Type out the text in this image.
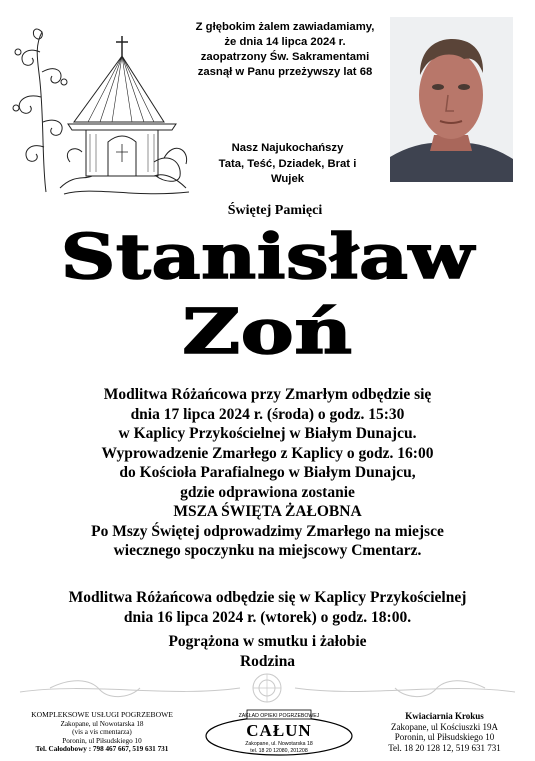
Z głębokim żalem zawiadamiamy,
że dnia 14 lipca 2024 r.
zaopatrzony Św. Sakramentami
zasnął w Panu przeżywszy lat 68
Nasz Najukochańszy
Tata, Teść, Dziadek, Brat i Wujek
Świętej Pamięci
Stanisław
Zoń
Modlitwa Różańcowa przy Zmarłym odbędzie się
dnia 17 lipca 2024 r. (środa) o godz. 15:30
w Kaplicy Przykościelnej w Białym Dunajcu.
Wyprowadzenie Zmarłego z Kaplicy o godz. 16:00
do Kościoła Parafialnego w Białym Dunajcu,
gdzie odprawiona zostanie
MSZA ŚWIĘTA ŻAŁOBNA
Po Mszy Świętej odprowadzimy Zmarłego na miejsce
wiecznego spoczynku na miejscowy Cmentarz.
Modlitwa Różańcowa odbędzie się w Kaplicy Przykościelnej
dnia 16 lipca 2024 r. (wtorek) o godz. 18:00.
Pogrążona w smutku i żałobie
Rodzina
KOMPLEKSOWE USŁUGI POGRZEBOWE
Zakopane, ul Nowotarska 18
(vis a vis cmentarza)
Poronin, ul Piłsudskiego 10
Tel. Całodobowy : 798 467 667, 519 631 731
ZAKŁAD OPIEKI POGRZEBOWEJ
CAŁUN
Zakopane, ul. Nowotarska 18
tel. 18 20 12080, 201208
Kwiaciarnia Krokus
Zakopane, ul Kościuszki 19A
Poronin, ul Piłsudskiego 10
Tel. 18 20 128 12, 519 631 731
